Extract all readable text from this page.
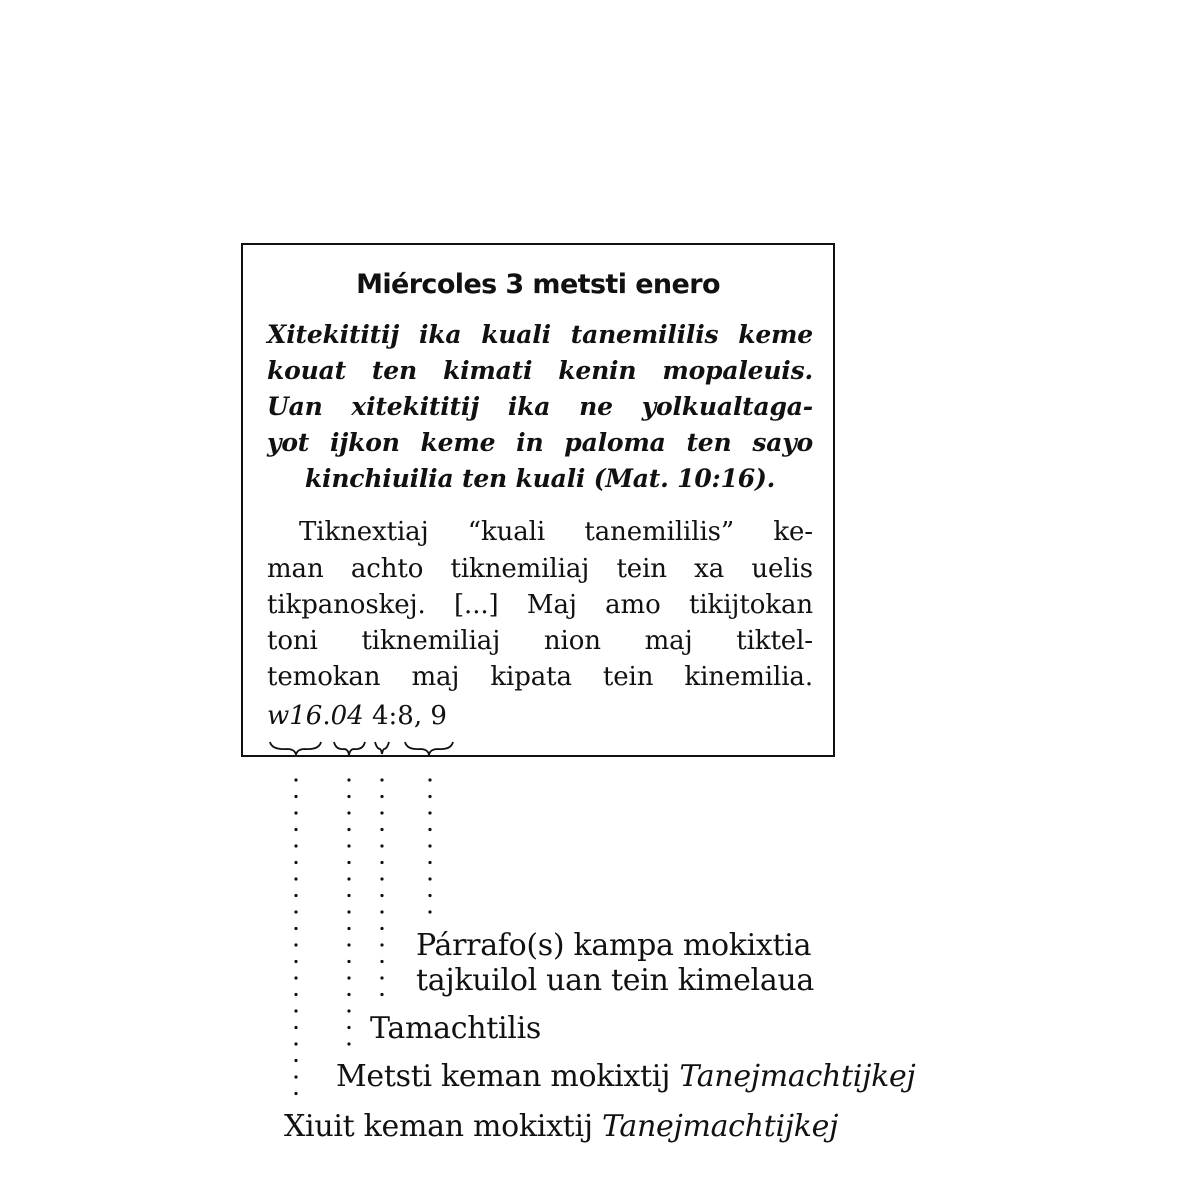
Miércoles 3 metsti enero
Xitekititij ika kuali tanemililis keme
kouat ten kimati kenin mopaleuis.
Uan xitekititij ika ne yolkualtaga-
yot ijkon keme in paloma ten sayo
kinchiuilia ten kuali (Mat. 10:16).
Tiknextiaj “kuali tanemililis” ke-
man achto tiknemiliaj tein xa uelis
tikpanoskej. [...] Maj amo tikijtokan
toni tiknemiliaj nion maj tiktel-
temokan maj kipata tein kinemilia.
w16.04 4:8, 9
Párrafo(s) kampa mokixtia
tajkuilol uan tein kimelaua
Tamachtilis
Metsti keman mokixtij Tanejmachtijkej
Xiuit keman mokixtij Tanejmachtijkej
